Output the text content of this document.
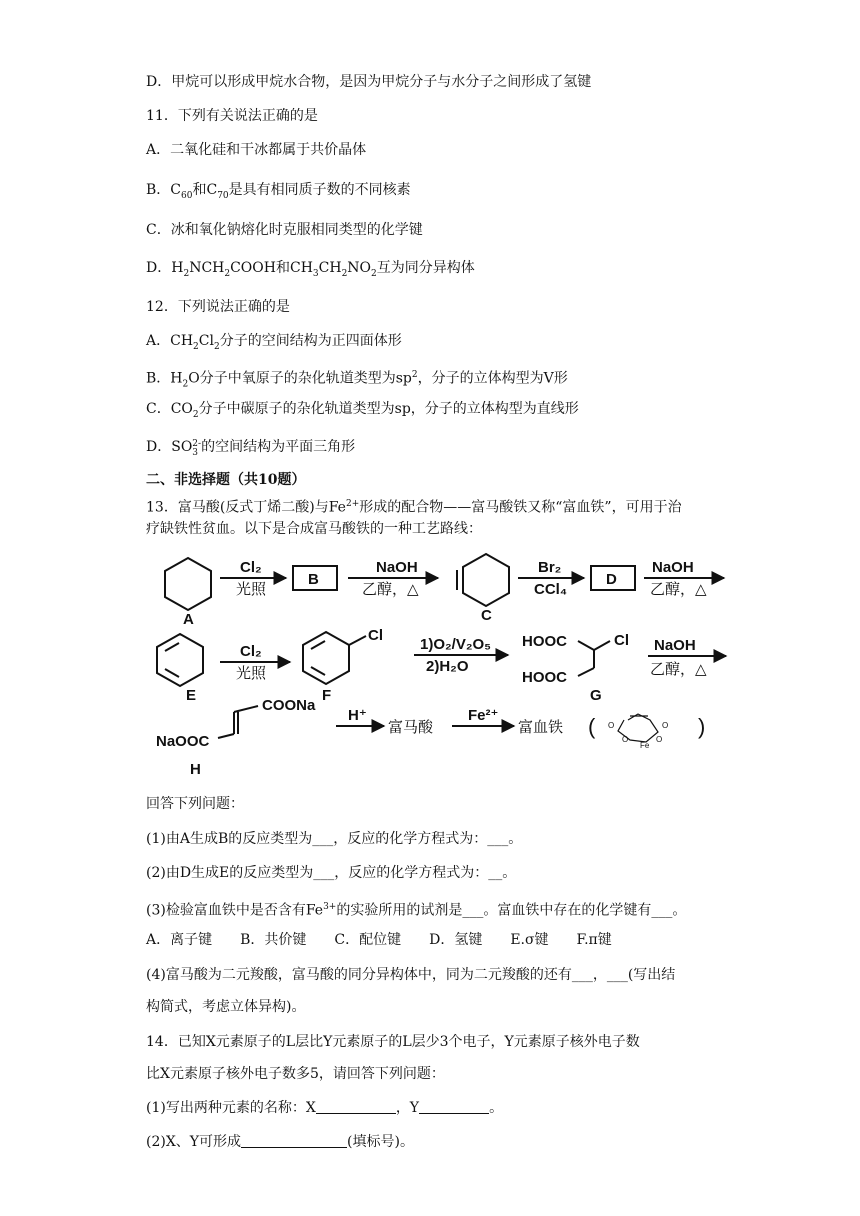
D．甲烷可以形成甲烷水合物，是因为甲烷分子与水分子之间形成了氢键
11．下列有关说法正确的是
A．二氧化硅和干冰都属于共价晶体
B．$C_{60}$和$C_{70}$是具有相同质子数的不同核素
C．冰和氧化钠熔化时克服相同类型的化学键
D．$H_2NCH_2COOH$和$CH_3CH_2NO_2$互为同分异构体
12．下列说法正确的是
A．$CH_2Cl_2$分子的空间结构为正四面体形
B．$H_2O$分子中氧原子的杂化轨道类型为$sp^2$，分子的立体构型为V形
C．$CO_2$分子中碳原子的杂化轨道类型为sp，分子的立体构型为直线形
D．SO 2-
3 的空间结构为平面三角形
二、非选择题（共10题）
13．富马酸(反式丁烯二酸)与$Fe^{2+}$形成的配合物——富马酸铁又称“富血铁”，可用于治
疗缺铁性贫血。以下是合成富马酸铁的一种工艺路线：
Cl₂
光照
B
NaOH
乙醇，△
Br₂
CCl₄
D
NaOH
乙醇，△
A	C
Cl₂
光照
Cl
1)O₂/V₂O₅
2)H₂O
HOOC	Cl
HOOC
NaOH
乙醇，△
E	F	G
COONa
NaOOC
H⁺
富马酸
Fe²⁺
富血铁 (	)
H
O	O
O	O
Fe
回答下列问题：
(1)由A生成B的反应类型为___，反应的化学方程式为：___。
(2)由D生成E的反应类型为___，反应的化学方程式为：__。
(3)检验富血铁中是否含有$Fe^{3+}$的实验所用的试剂是___。富血铁中存在的化学键有___。
A．离子键　　B．共价键　　C．配位键　　D．氢键　　E.σ键　　F.π键
(4)富马酸为二元羧酸，富马酸的同分异构体中，同为二元羧酸的还有___，___(写出结
构简式，考虑立体异构)。
14．已知X元素原子的L层比Y元素原子的L层少3个电子，Y元素原子核外电子数
比X元素原子核外电子数多5，请回答下列问题：
(1)写出两种元素的名称：X	，Y	。
(2)X、Y可形成	(填标号)。
